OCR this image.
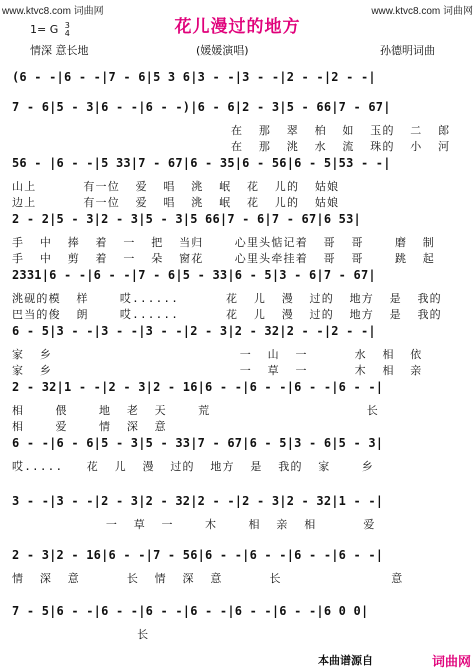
www.ktvc8.com 词曲网	www.ktvc8.com 词曲网
花儿漫过的地方
1= G 3
4
情深 意长地	(媛媛演唱)	孙德明词曲
(6 - -|6 - -|7 - 6|5 3 6|3 - -|3 - -|2 - -|2 - -|
7 - 6|5 - 3|6 - -|6 - -)|6 - 6|2 - 3|5 - 66|7 - 67|
在  那  翠  柏  如  玉的  二  郎
在  那  洮  水  流  珠的  小  河
56 - |6 - -|5 33|7 - 67|6 - 35|6 - 56|6 - 5|53 - -|
山上      有一位  爱  唱  洮  岷  花  儿的  姑娘
边上      有一位  爱  唱  洮  岷  花  儿的  姑娘
2 - 2|5 - 3|2 - 3|5 - 3|5 66|7 - 6|7 - 67|6 53|
手  中  捧  着  一  把  当归    心里头惦记着  哥  哥    磨  制
手  中  剪  着  一  朵  窗花    心里头牵挂着  哥  哥    跳  起
2331|6 - -|6 - -|7 - 6|5 - 33|6 - 5|3 - 6|7 - 67|
洮砚的模  样    哎......      花  儿  漫  过的  地方  是  我的
巴当的俊  朗    哎......      花  儿  漫  过的  地方  是  我的
6 - 5|3 - -|3 - -|3 - -|2 - 3|2 - 32|2 - -|2 - -|
家  乡                        一  山  一      水  相  依
家  乡                        一  草  一      木  相  亲
2 - 32|1 - -|2 - 3|2 - 16|6 - -|6 - -|6 - -|6 - -|
相    偎    地  老  天    荒                    长
相    爱    情  深  意
6 - -|6 - 6|5 - 3|5 - 33|7 - 67|6 - 5|3 - 6|5 - 3|
哎.....   花  儿  漫  过的  地方  是  我的  家    乡
3 - -|3 - -|2 - 3|2 - 32|2 - -|2 - 3|2 - 32|1 - -|
一  草  一    木    相  亲  相      爱
2 - 3|2 - 16|6 - -|7 - 56|6 - -|6 - -|6 - -|6 - -|
情  深  意      长  情  深  意      长              意
7 - 5|6 - -|6 - -|6 - -|6 - -|6 - -|6 - -|6 0 0|
长
本曲谱源自	词曲网
